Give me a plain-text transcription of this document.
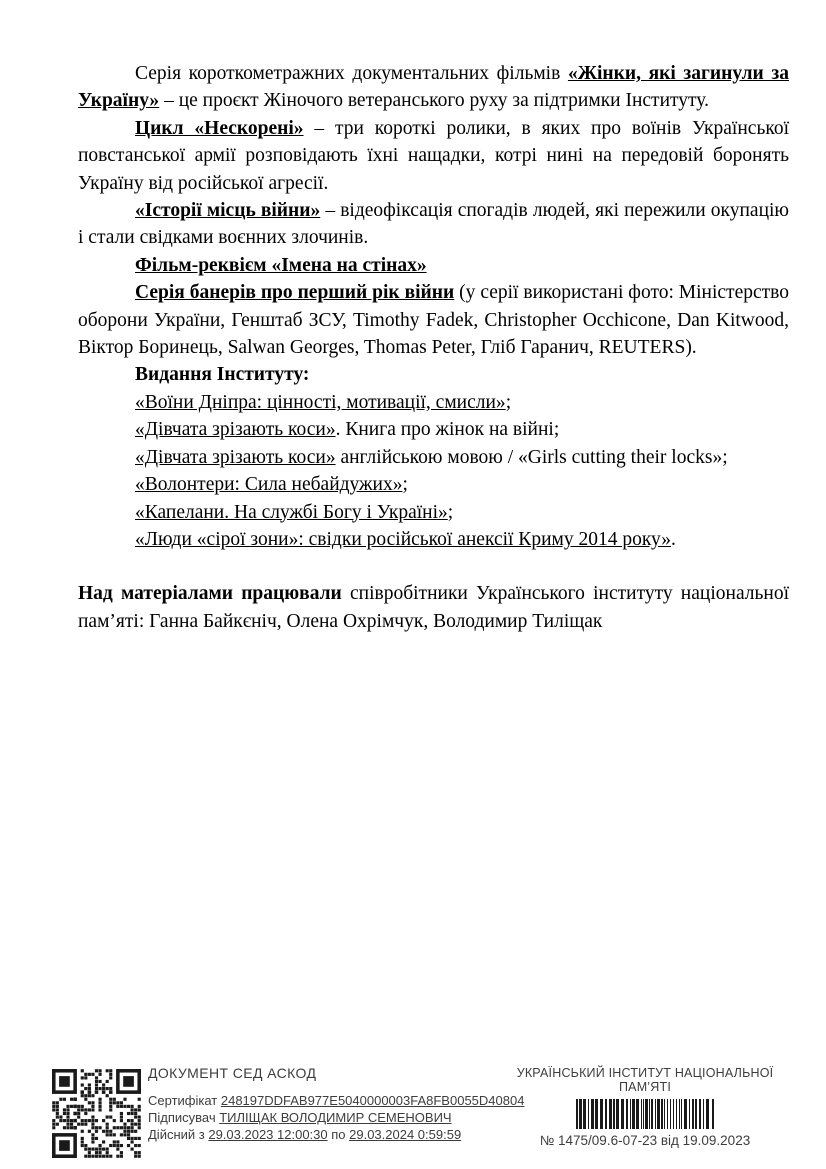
Серія короткометражних документальних фільмів «Жінки, які загинули за Україну» – це проєкт Жіночого ветеранського руху за підтримки Інституту.

Цикл «Нескорені» – три короткі ролики, в яких про воїнів Української повстанської армії розповідають їхні нащадки, котрі нині на передовій боронять Україну від російської агресії.

«Історії місць війни» – відеофіксація спогадів людей, які пережили окупацію і стали свідками воєнних злочинів.

Фільм-реквієм «Імена на стінах»

Серія банерів про перший рік війни (у серії використані фото: Міністерство оборони України, Генштаб ЗСУ, Timothy Fadek, Christopher Occhicone, Dan Kitwood, Віктор Боринець, Salwan Georges, Thomas Peter, Гліб Гаранич, REUTERS).

Видання Інституту:

«Воїни Дніпра: цінності, мотивації, смисли»;

«Дівчата зрізають коси». Книга про жінок на війні;

«Дівчата зрізають коси» англійською мовою / «Girls cutting their locks»;

«Волонтери: Сила небайдужих»;

«Капелани. На службі Богу і Україні»;

«Люди «сірої зони»: свідки російської анексії Криму 2014 року».

Над матеріалами працювали співробітники Українського інституту національної пам’яті: Ганна Байкєніч, Олена Охрімчук, Володимир Тиліщак

ДОКУМЕНТ СЕД АСКОД
Сертифікат 248197DDFAB977E5040000003FA8FB0055D40804
Підписувач ТИЛІЩАК ВОЛОДИМИР СЕМЕНОВИЧ
Дійсний з 29.03.2023 12:00:30 по 29.03.2024 0:59:59
УКРАЇНСЬКИЙ ІНСТИТУТ НАЦІОНАЛЬНОЇ ПАМ’ЯТІ
№ 1475/09.6-07-23 від 19.09.2023
